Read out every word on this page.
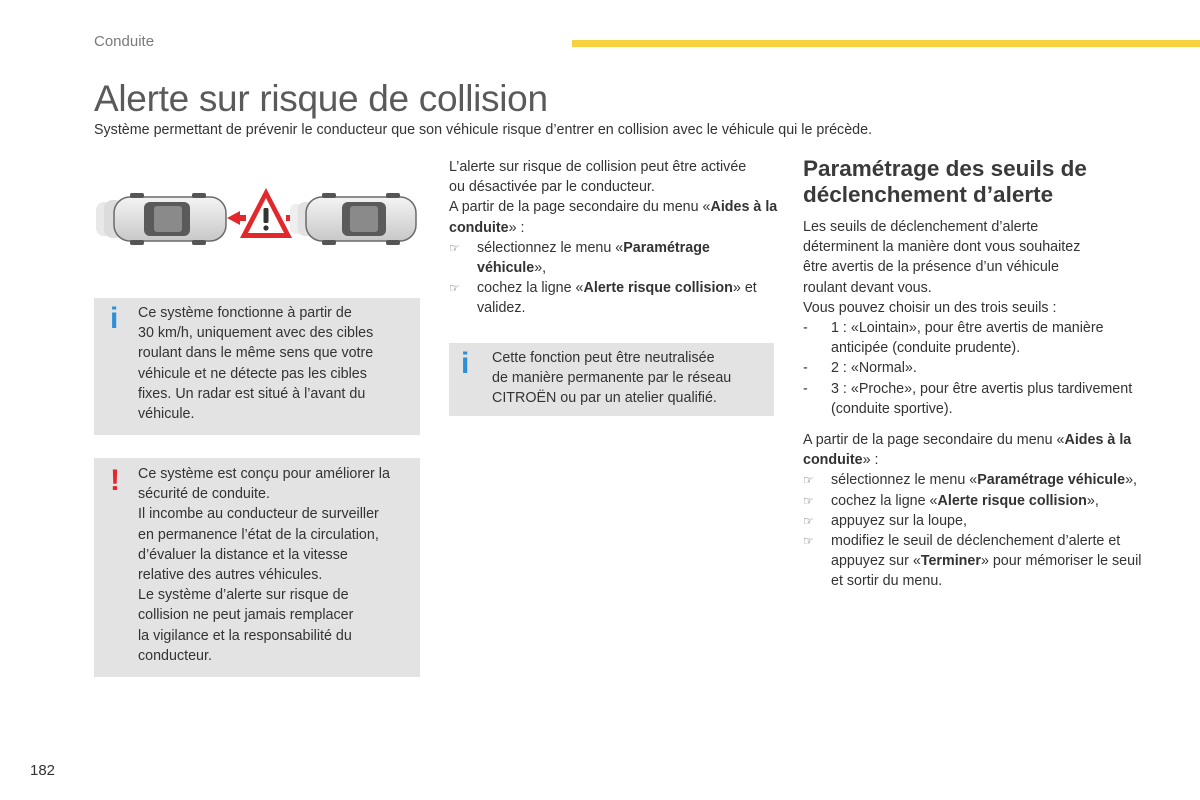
Conduite
Alerte sur risque de collision
Système permettant de prévenir le conducteur que son véhicule risque d’entrer en collision avec le véhicule qui le précède.
i Ce système fonctionne à partir de
30 km/h, uniquement avec des cibles
roulant dans le même sens que votre
véhicule et ne détecte pas les cibles
fixes. Un radar est situé à l’avant du
véhicule.
! Ce système est conçu pour améliorer la
sécurité de conduite.
Il incombe au conducteur de surveiller
en permanence l’état de la circulation,
d’évaluer la distance et la vitesse
relative des autres véhicules.
Le système d’alerte sur risque de
collision ne peut jamais remplacer
la vigilance et la responsabilité du
conducteur.

L’alerte sur risque de collision peut être activée
ou désactivée par le conducteur.

A partir de la page secondaire du menu «Aides à la conduite» :

☞	sélectionnez le menu «Paramétrage véhicule»,
☞	cochez la ligne «Alerte risque collision» et validez.
i Cette fonction peut être neutralisée
de manière permanente par le réseau
CITROËN ou par un atelier qualifié.
Paramétrage des seuils de déclenchement d’alerte

Les seuils de déclenchement d’alerte
déterminent la manière dont vous souhaitez
être avertis de la présence d’un véhicule
roulant devant vous.
Vous pouvez choisir un des trois seuils :

- 1 : «Lointain», pour être avertis de manière anticipée (conduite prudente).
- 2 : «Normal».
- 3 : «Proche», pour être avertis plus tardivement (conduite sportive).

A partir de la page secondaire du menu «Aides à la conduite» :

☞	sélectionnez le menu «Paramétrage véhicule»,
☞	cochez la ligne «Alerte risque collision»,
☞	appuyez sur la loupe,
☞	modifiez le seuil de déclenchement d’alerte et appuyez sur «Terminer» pour mémoriser le seuil et sortir du menu.
182
